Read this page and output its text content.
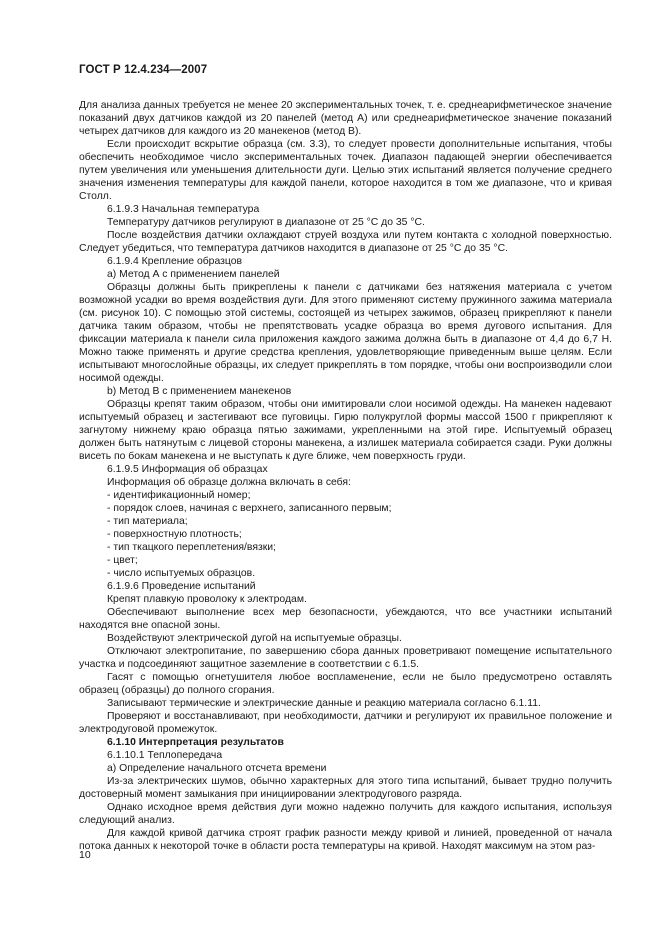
ГОСТ Р 12.4.234—2007

Для анализа данных требуется не менее 20 экспериментальных точек, т. е. среднеарифметическое значение показаний двух датчиков каждой из 20 панелей (метод А) или среднеарифметическое значение показаний четырех датчиков для каждого из 20 манекенов (метод В).

Если происходит вскрытие образца (см. 3.3), то следует провести дополнительные испытания, чтобы обеспечить необходимое число экспериментальных точек. Диапазон падающей энергии обеспечивается путем увеличения или уменьшения длительности дуги. Целью этих испытаний является получение среднего значения изменения температуры для каждой панели, которое находится в том же диапазоне, что и кривая Столл.

6.1.9.3 Начальная температура

Температуру датчиков регулируют в диапазоне от 25 °С до 35 °С.

После воздействия датчики охлаждают струей воздуха или путем контакта с холодной поверхностью. Следует убедиться, что температура датчиков находится в диапазоне от 25 °С до 35 °С.

6.1.9.4 Крепление образцов

а) Метод А с применением панелей

Образцы должны быть прикреплены к панели с датчиками без натяжения материала с учетом возможной усадки во время воздействия дуги. Для этого применяют систему пружинного зажима материала (см. рисунок 10). С помощью этой системы, состоящей из четырех зажимов, образец прикрепляют к панели датчика таким образом, чтобы не препятствовать усадке образца во время дугового испытания. Для фиксации материала к панели сила приложения каждого зажима должна быть в диапазоне от 4,4 до 6,7 Н. Можно также применять и другие средства крепления, удовлетворяющие приведенным выше целям. Если испытывают многослойные образцы, их следует прикреплять в том порядке, чтобы они воспроизводили слои носимой одежды.

b) Метод В с применением манекенов

Образцы крепят таким образом, чтобы они имитировали слои носимой одежды. На манекен надевают испытуемый образец и застегивают все пуговицы. Гирю полукруглой формы массой 1500 г прикрепляют к загнутому нижнему краю образца пятью зажимами, укрепленными на этой гире. Испытуемый образец должен быть натянутым с лицевой стороны манекена, а излишек материала собирается сзади. Руки должны висеть по бокам манекена и не выступать к дуге ближе, чем поверхность груди.

6.1.9.5 Информация об образцах

Информация об образце должна включать в себя:

- идентификационный номер;

- порядок слоев, начиная с верхнего, записанного первым;

- тип материала;

- поверхностную плотность;

- тип ткацкого переплетения/вязки;

- цвет;

- число испытуемых образцов.

6.1.9.6 Проведение испытаний

Крепят плавкую проволоку к электродам.

Обеспечивают выполнение всех мер безопасности, убеждаются, что все участники испытаний находятся вне опасной зоны.

Воздействуют электрической дугой на испытуемые образцы.

Отключают электропитание, по завершению сбора данных проветривают помещение испытательного участка и подсоединяют защитное заземление в соответствии с 6.1.5.

Гасят с помощью огнетушителя любое воспламенение, если не было предусмотрено оставлять образец (образцы) до полного сгорания.

Записывают термические и электрические данные и реакцию материала согласно 6.1.11.

Проверяют и восстанавливают, при необходимости, датчики и регулируют их правильное положение и электродуговой промежуток.

6.1.10 Интерпретация результатов

6.1.10.1 Теплопередача

а) Определение начального отсчета времени

Из-за электрических шумов, обычно характерных для этого типа испытаний, бывает трудно получить достоверный момент замыкания при инициировании электродугового разряда.

Однако исходное время действия дуги можно надежно получить для каждого испытания, используя следующий анализ.

Для каждой кривой датчика строят график разности между кривой и линией, проведенной от начала потока данных к некоторой точке в области роста температуры на кривой. Находят максимум на этом раз-

10
